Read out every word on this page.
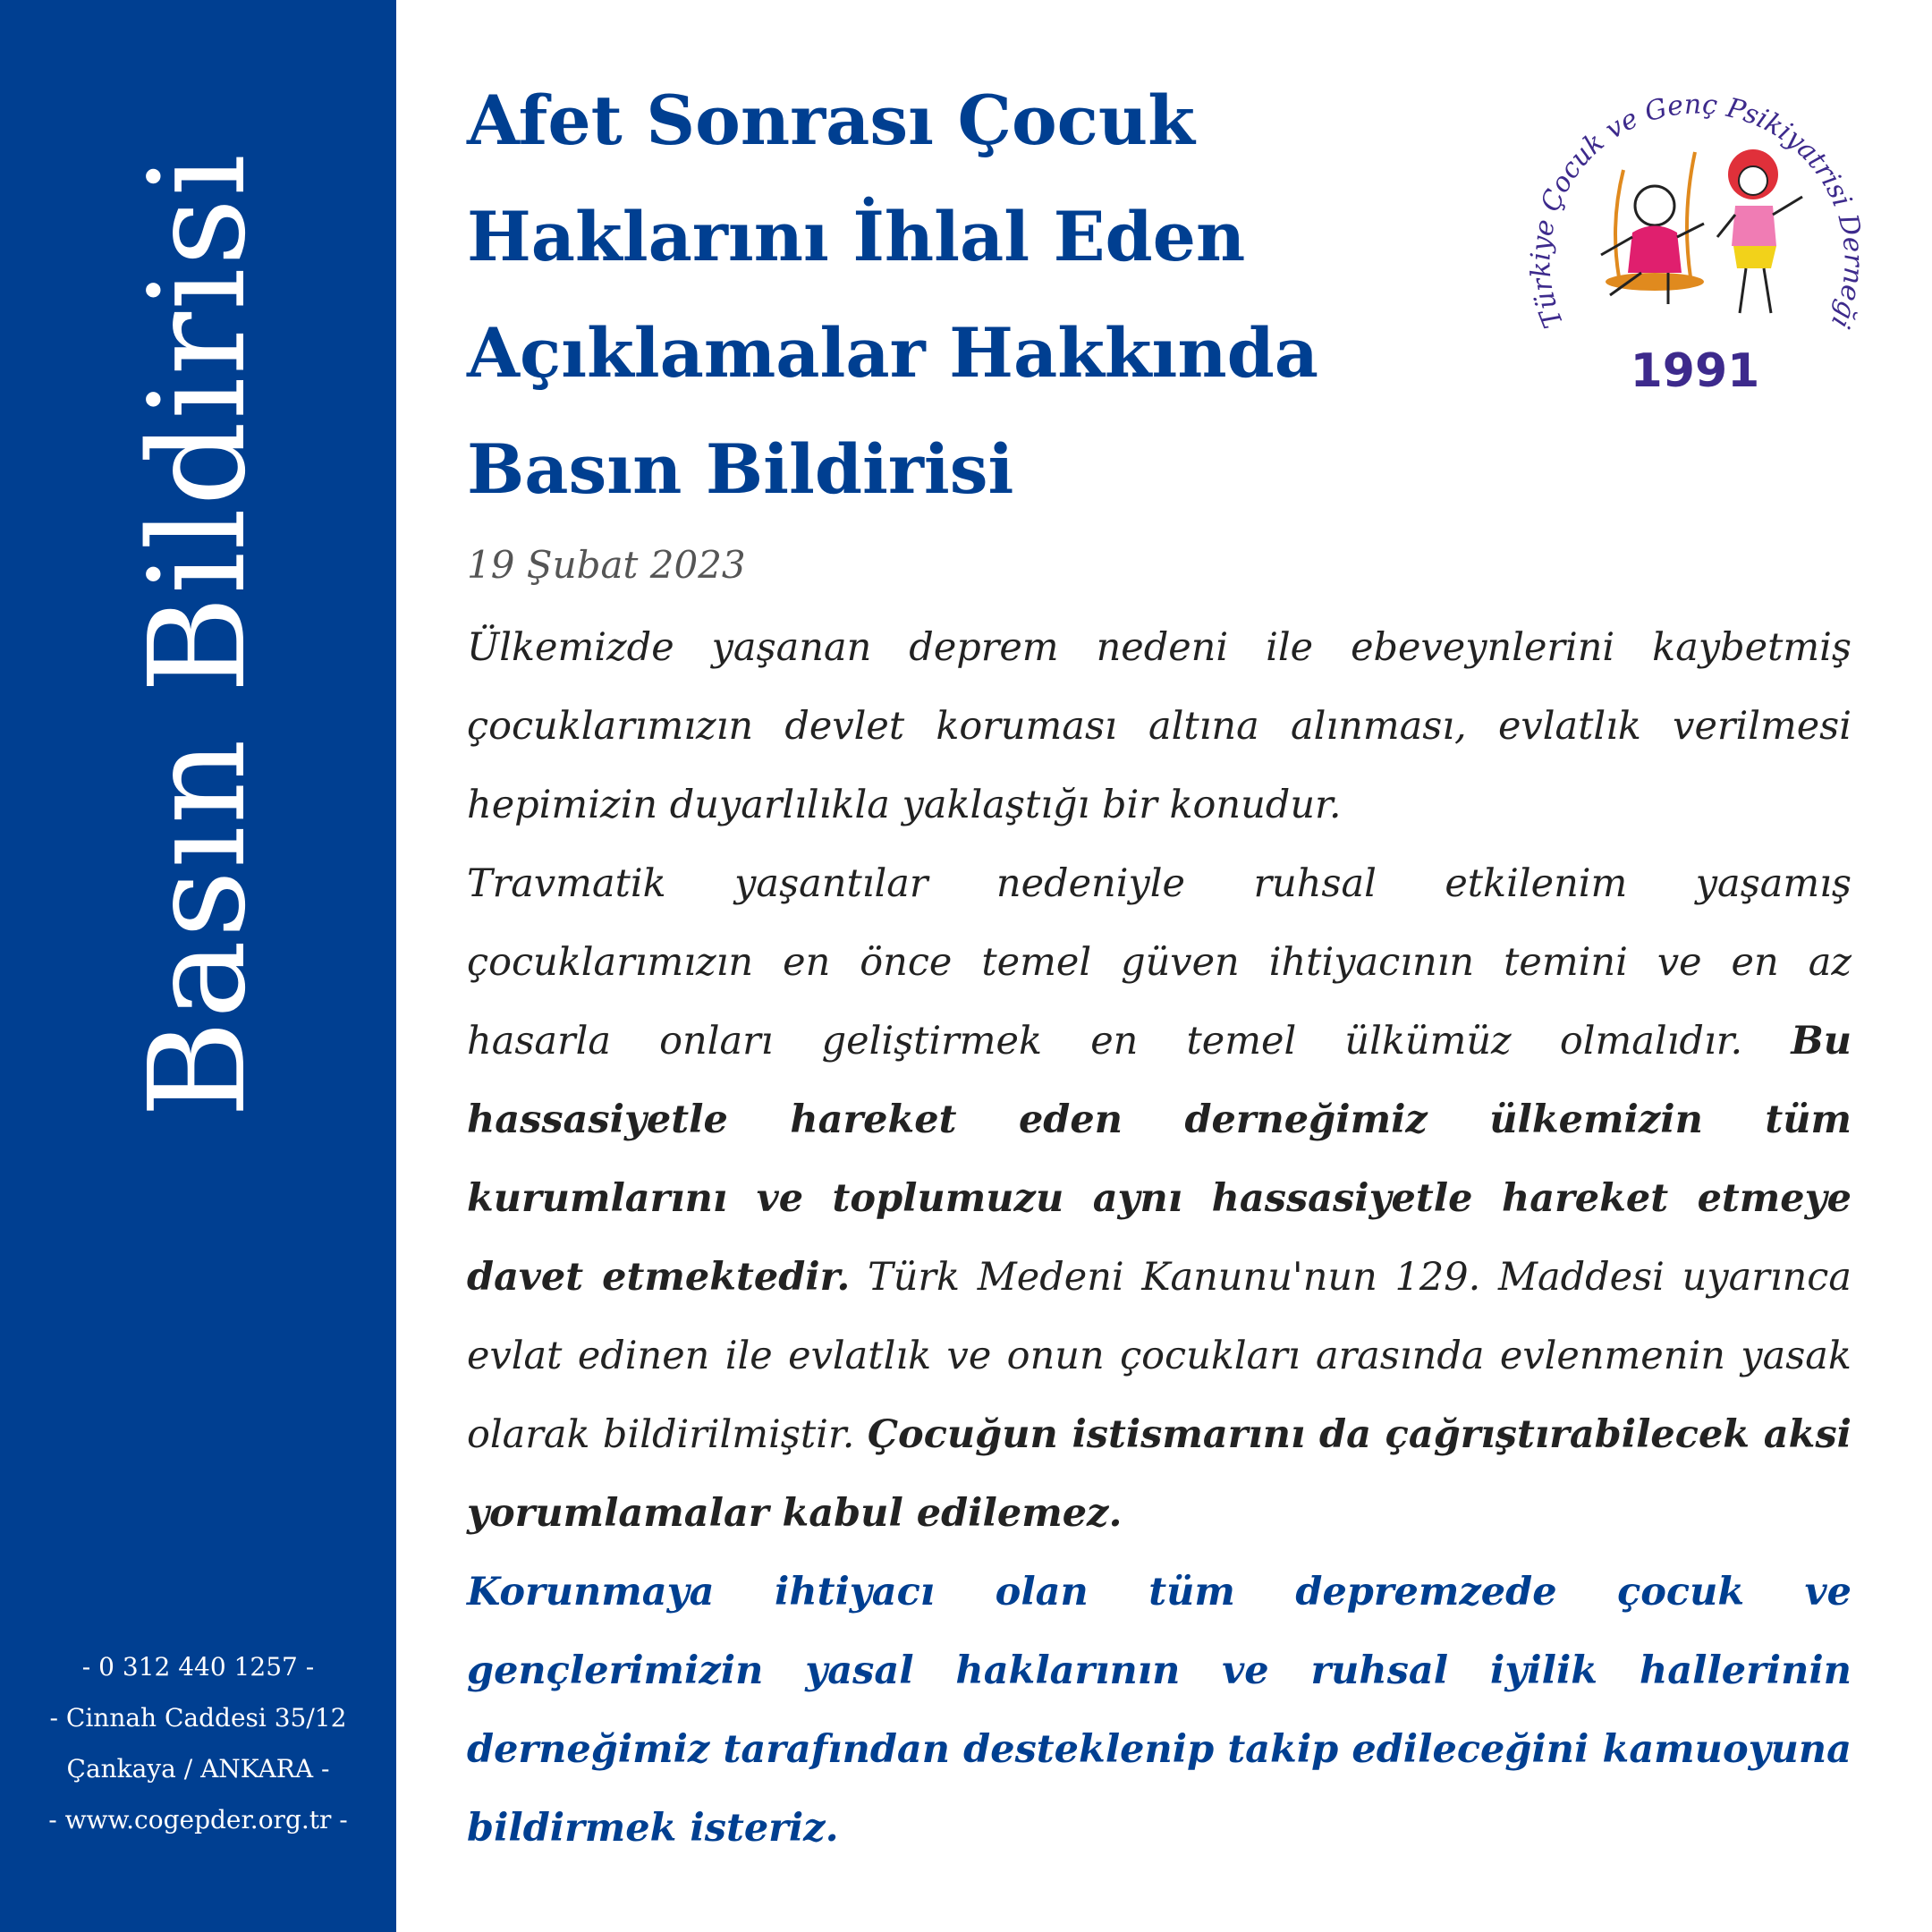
Basın Bildirisi
- 0 312 440 1257 -
- Cinnah Caddesi 35/12
Çankaya / ANKARA -
- www.cogepder.org.tr -
Afet Sonrası Çocuk
Haklarını İhlal Eden
Açıklamalar Hakkında
Basın Bildirisi
19 Şubat 2023
Türkiye Çocuk ve Genç Psikiyatrisi Derneği
1991

Ülkemizde yaşanan deprem nedeni ile ebeveynlerini kaybetmiş çocuklarımızın devlet koruması altına alınması, evlatlık verilmesi hepimizin duyarlılıkla yaklaştığı bir konudur.

Travmatik yaşantılar nedeniyle ruhsal etkilenim yaşamış çocuklarımızın en önce temel güven ihtiyacının temini ve en az hasarla onları geliştirmek en temel ülkümüz olmalıdır. Bu hassasiyetle hareket eden derneğimiz ülkemizin tüm kurumlarını ve toplumuzu aynı hassasiyetle hareket etmeye davet etmektedir. Türk Medeni Kanunu'nun 129. Maddesi uyarınca evlat edinen ile evlatlık ve onun çocukları arasında evlenmenin yasak olarak bildirilmiştir. Çocuğun istismarını da çağrıştırabilecek aksi yorumlamalar kabul edilemez.

Korunmaya ihtiyacı olan tüm depremzede çocuk ve gençlerimizin yasal haklarının ve ruhsal iyilik hallerinin derneğimiz tarafından desteklenip takip edileceğini kamuoyuna bildirmek isteriz.
